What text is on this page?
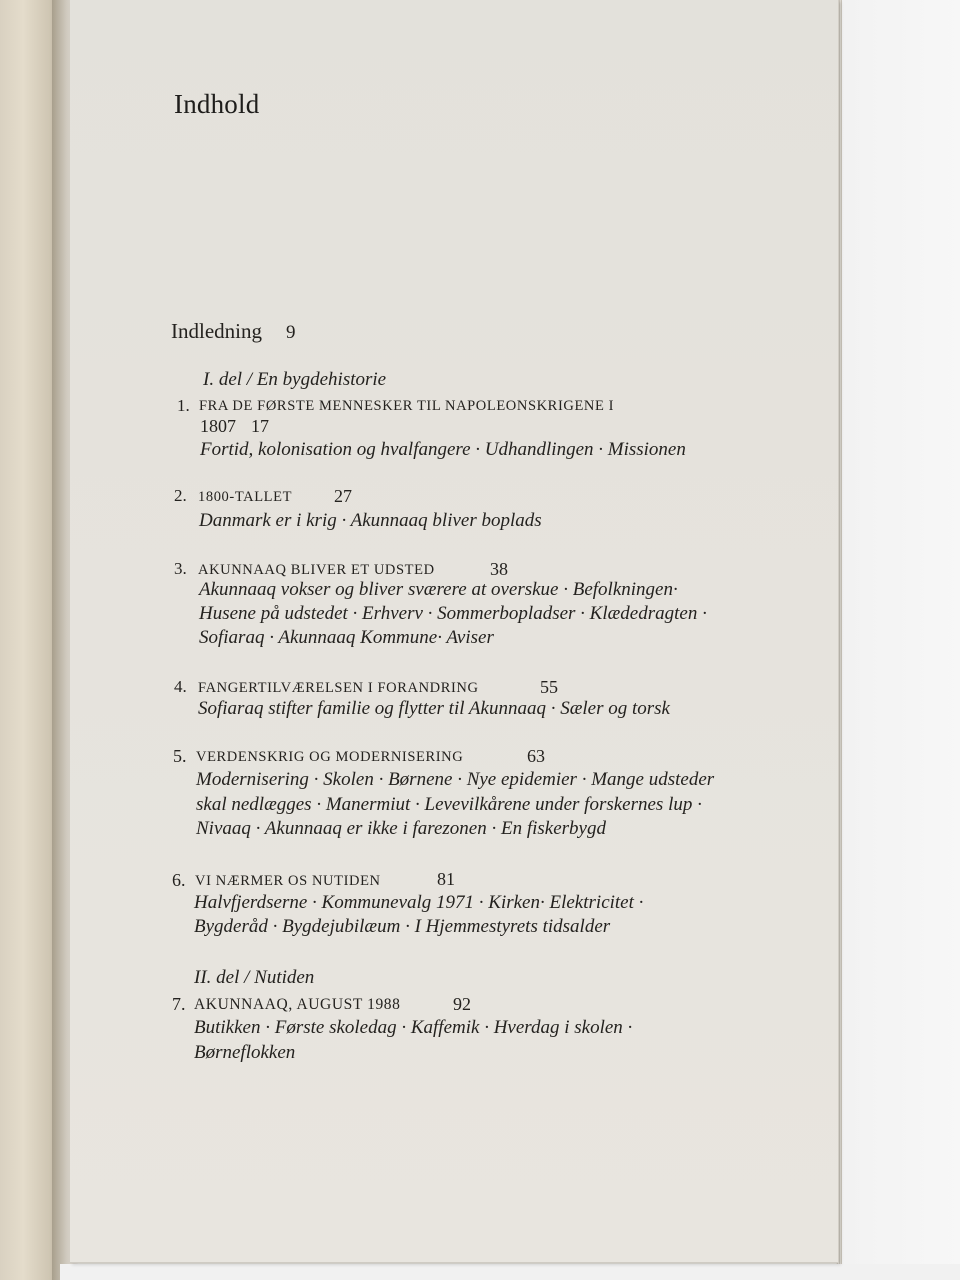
Indhold
Indledning 9
I. del / En bygdehistorie
1. FRA DE FØRSTE MENNESKER TIL NAPOLEONSKRIGENE I
1807 17
Fortid, kolonisation og hvalfangere · Udhandlingen · Missionen
2. 1800-TALLET 27
Danmark er i krig · Akunnaaq bliver boplads
3. AKUNNAAQ BLIVER ET UDSTED	38
Akunnaaq vokser og bliver sværere at overskue · Befolkningen·
Husene på udstedet · Erhverv · Sommerbopladser · Klædedragten ·
Sofiaraq · Akunnaaq Kommune· Aviser
4. FANGERTILVÆRELSEN I FORANDRING	55
Sofiaraq stifter familie og flytter til Akunnaaq · Sæler og torsk
5. VERDENSKRIG OG MODERNISERING	63
Modernisering · Skolen · Børnene · Nye epidemier · Mange udsteder
skal nedlægges · Manermiut · Levevilkårene under forskernes lup ·
Nivaaq · Akunnaaq er ikke i farezonen · En fiskerbygd
6. VI NÆRMER OS NUTIDEN	81
Halvfjerdserne · Kommunevalg 1971 · Kirken· Elektricitet ·
Bygderåd · Bygdejubilæum · I Hjemmestyrets tidsalder
II. del / Nutiden
7. AKUNNAAQ, AUGUST 1988	92
Butikken · Første skoledag · Kaffemik · Hverdag i skolen ·
Børneflokken
